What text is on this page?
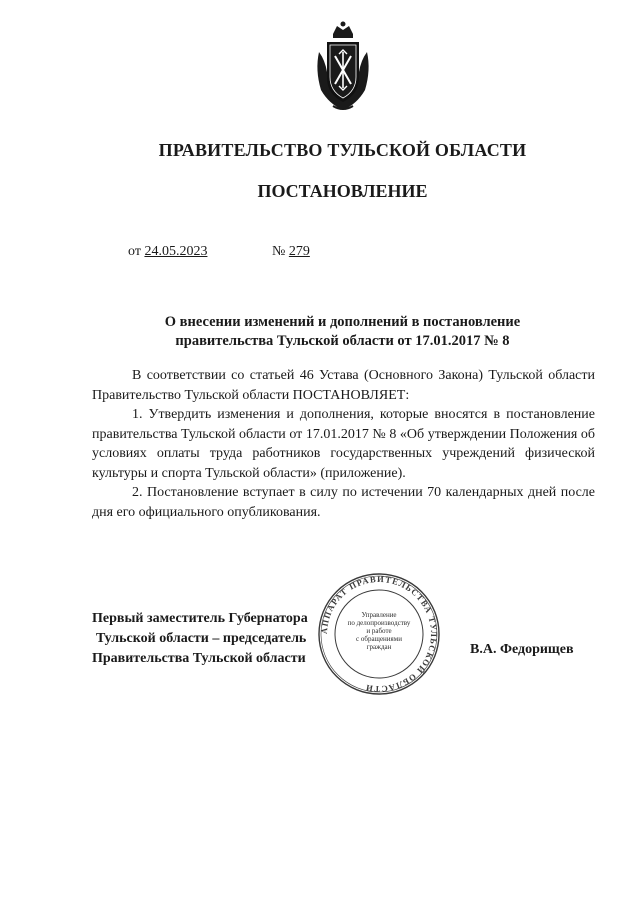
ПРАВИТЕЛЬСТВО ТУЛЬСКОЙ ОБЛАСТИ
ПОСТАНОВЛЕНИЕ
от 24.05.2023	№ 279
О внесении изменений и дополнений в постановление
правительства Тульской области от 17.01.2017 № 8

В соответствии со статьей 46 Устава (Основного Закона) Тульской области Правительство Тульской области ПОСТАНОВЛЯЕТ:

1. Утвердить изменения и дополнения, которые вносятся в постановление правительства Тульской области от 17.01.2017 № 8 «Об утверждении Положения об условиях оплаты труда работников государственных учреждений физической культуры и спорта Тульской области» (приложение).

2. Постановление вступает в силу по истечении 70 календарных дней после дня его официального опубликования.

АППАРАТ ПРАВИТЕЛЬСТВА ТУЛЬСКОЙ ОБЛАСТИ
Управление
по делопроизводству
и работе
с обращениями
граждан
Первый заместитель Губернатора
Тульской области – председатель
Правительства Тульской области
В.А. Федорищев
